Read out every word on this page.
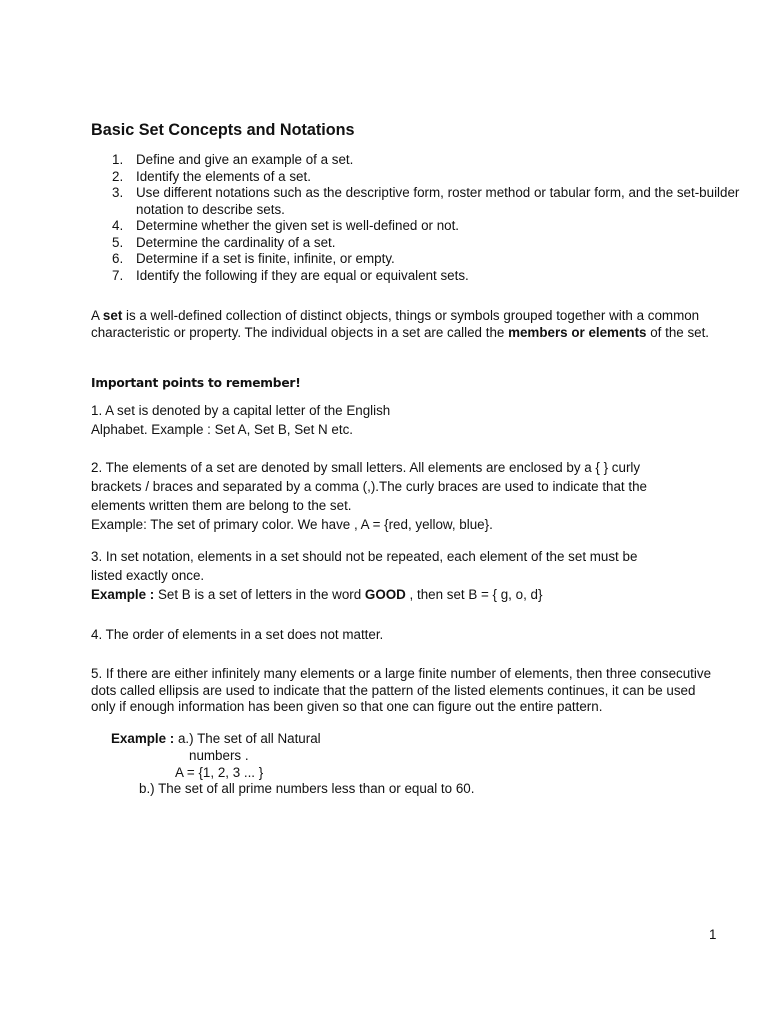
Basic Set Concepts and Notations
1. Define and give an example of a set.
2. Identify the elements of a set.
3. Use different notations such as the descriptive form, roster method or tabular form, and the set-builder notation to describe sets.
4. Determine whether the given set is well-defined or not.
5. Determine the cardinality of a set.
6. Determine if a set is finite, infinite, or empty.
7. Identify the following if they are equal or equivalent sets.
A set is a well-defined collection of distinct objects, things or symbols grouped together with a common characteristic or property. The individual objects in a set are called the members or elements of the set.
Important points to remember!
1. A set is denoted by a capital letter of the English
Alphabet. Example : Set A, Set B, Set N etc.
2. The elements of a set are denoted by small letters. All elements are enclosed by a { } curly brackets / braces and separated by a comma (,).The curly braces are used to indicate that the elements written them are belong to the set.
Example: The set of primary color. We have , A = {red, yellow, blue}.
3. In set notation, elements in a set should not be repeated, each element of the set must be listed exactly once.
Example : Set B is a set of letters in the word GOOD , then set B = { g, o, d}
4. The order of elements in a set does not matter.
5. If there are either infinitely many elements or a large finite number of elements, then three consecutive dots called ellipsis are used to indicate that the pattern of the listed elements continues, it can be used only if enough information has been given so that one can figure out the entire pattern.
Example : a.) The set of all Natural
numbers .
A = {1, 2, 3 ... }
b.) The set of all prime numbers less than or equal to 60.
1
